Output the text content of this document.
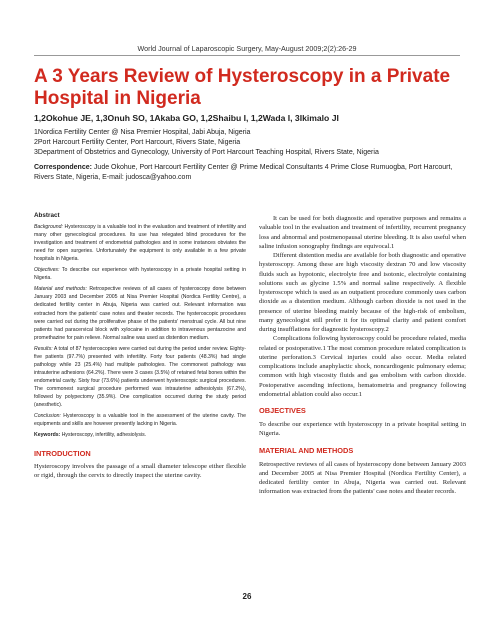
World Journal of Laparoscopic Surgery, May-August 2009;2(2):26-29
A 3 Years Review of Hysteroscopy in a Private Hospital in Nigeria
1,2Okohue JE, 1,3Onuh SO, 1Akaba GO, 1,2Shaibu I, 1,2Wada I, 3Ikimalo JI
1Nordica Fertility Center @ Nisa Premier Hospital, Jabi Abuja, Nigeria
2Port Harcourt Fertility Center, Port Harcourt, Rivers State, Nigeria
3Department of Obstetrics and Gynecology, University of Port Harcourt Teaching Hospital, Rivers State, Nigeria
Correspondence: Jude Okohue, Port Harcourt Fertility Center @ Prime Medical Consultants 4 Prime Close Rumuogba, Port Harcourt, Rivers State, Nigeria, E-mail: judosca@yahoo.com

Abstract

Background: Hysteroscopy is a valuable tool in the evaluation and treatment of infertility and many other gynecological procedures. Its use has relegated blind procedures for the investigation and treatment of endometrial pathologies and in some instances obviates the need for open surgeries. Unfortunately the equipment is only available in a few private hospitals in Nigeria.

Objectives: To describe our experience with hysteroscopy in a private hospital setting in Nigeria.

Material and methods: Retrospective reviews of all cases of hysteroscopy done between January 2003 and December 2005 at Nisa Premier Hospital (Nordica Fertility Centre), a dedicated fertility center in Abuja, Nigeria was carried out. Relevant information was extracted from the patients' case notes and theater records. The hysteroscopic procedures were carried out during the proliferative phase of the patients' menstrual cycle. All but nine patients had paracervical block with xylocaine in addition to intravenous pentazocine and promethazine for pain relieve. Normal saline was used as distention medium.

Results: A total of 87 hysteroscopies were carried out during the period under review. Eighty-five patients (97.7%) presented with infertility. Forty four patients (48.3%) had single pathology while 23 (25.4%) had multiple pathologies. The commonest pathology was intrauterine adhesions (64.2%). There were 3 cases (3.5%) of retained fetal bones within the endometrial cavity. Sixty four (73.6%) patients underwent hysteroscopic surgical procedures. The commonest surgical procedure performed was intrauterine adhesiolysis (67.2%), followed by polypectomy (35.9%). One complication occurred during the study period (anesthetic).

Conclusion: Hysteroscopy is a valuable tool in the assessment of the uterine cavity. The equipments and skills are however presently lacking in Nigeria.

Keywords: Hysteroscopy, infertility, adhesiolysis.

INTRODUCTION

Hysteroscopy involves the passage of a small diameter telescope either flexible or rigid, through the cervix to directly inspect the uterine cavity.

It can be used for both diagnostic and operative purposes and remains a valuable tool in the evaluation and treatment of infertility, recurrent pregnancy loss and abnormal and postmenopausal uterine bleeding. It is also useful when saline infusion sonography findings are equivocal.1

Different distention media are available for both diagnostic and operative hysteroscopy. Among these are high viscosity dextran 70 and low viscosity fluids such as hypotonic, electrolyte free and isotonic, electrolyte containing solutions such as glycine 1.5% and normal saline respectively. A flexible hysteroscope which is used as an outpatient procedure commonly uses carbon dioxide as a distention medium. Although carbon dioxide is not used in the presence of uterine bleeding mainly because of the high-risk of embolism, many gynecologist still prefer it for its optimal clarity and patient comfort during insufflations for diagnostic hysteroscopy.2

Complications following hysteroscopy could be procedure related, media related or postoperative.1 The most common procedure related complication is uterine perforation.3 Cervical injuries could also occur. Media related complications include anaphylactic shock, noncardiogenic pulmonary edema; common with high viscosity fluids and gas embolism with carbon dioxide. Postoperative ascending infections, hematometria and pregnancy following endometrial ablation could also occur.1

OBJECTIVES

To describe our experience with hysteroscopy in a private hospital setting in Nigeria.

MATERIAL AND METHODS

Retrospective reviews of all cases of hysteroscopy done between January 2003 and December 2005 at Nisa Premier Hospital (Nordica Fertility Center), a dedicated fertility center in Abuja, Nigeria was carried out. Relevant information was extracted from the patients' case notes and theater records.

26
